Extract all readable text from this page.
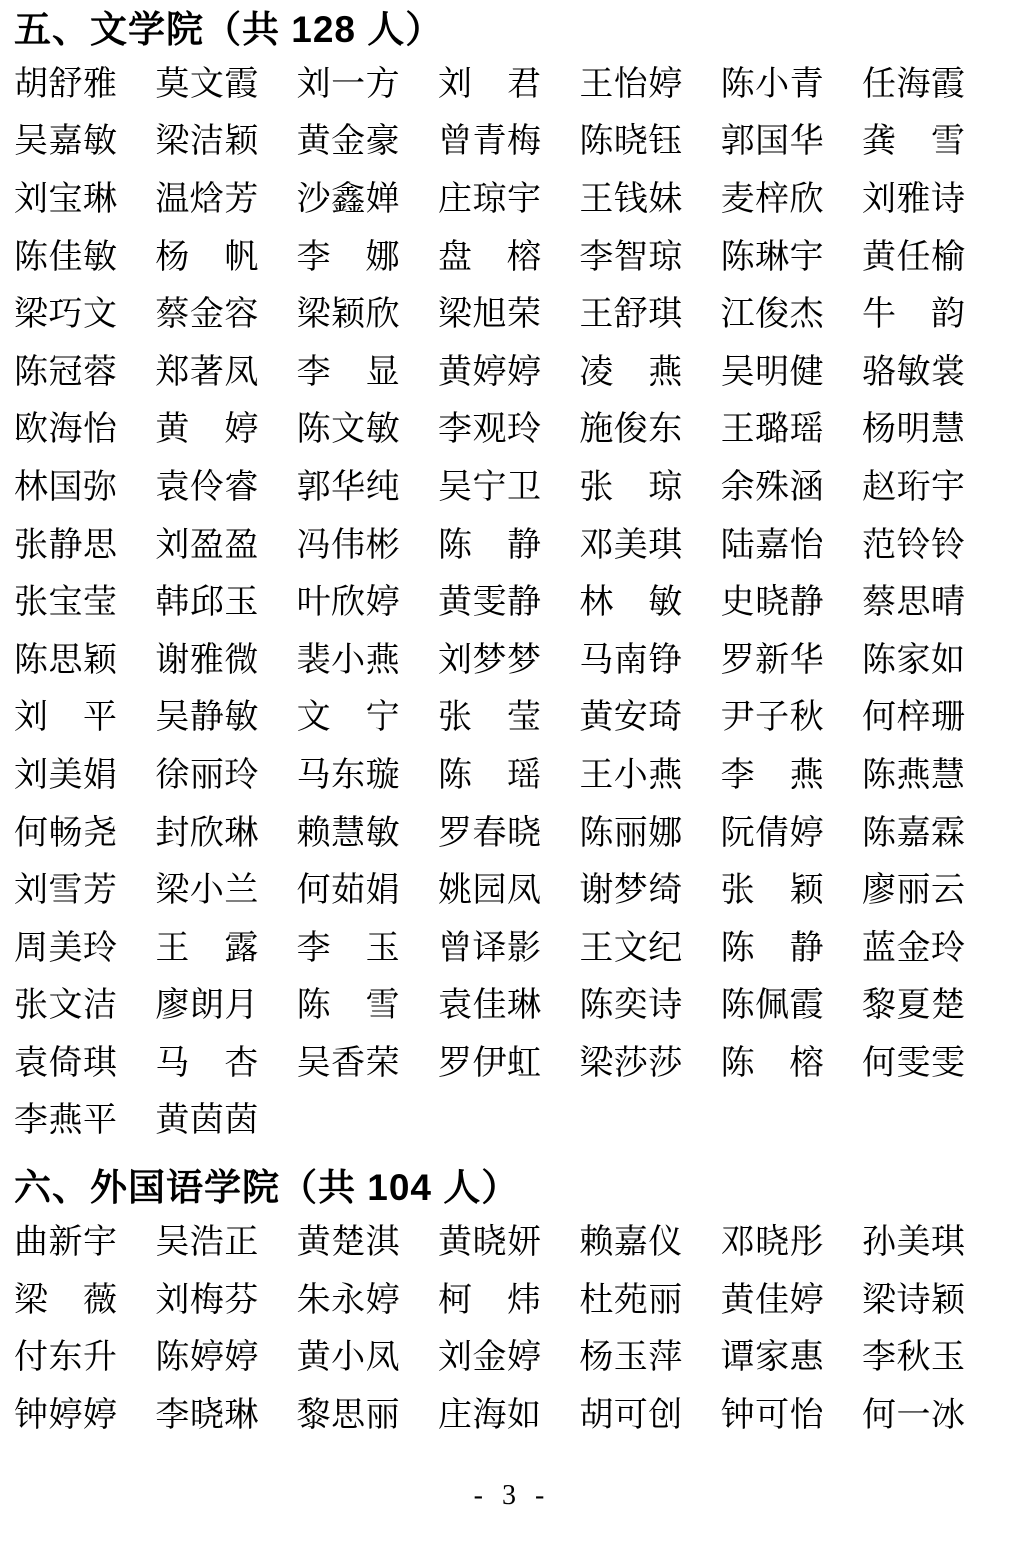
五、文学院（共 128 人）
胡舒雅 莫文霞 刘一方 刘　君 王怡婷 陈小青 任海霞
吴嘉敏 梁洁颖 黄金豪 曾青梅 陈晓钰 郭国华 龚　雪
刘宝琳 温焓芳 沙鑫婵 庄琼宇 王钱妹 麦梓欣 刘雅诗
陈佳敏 杨　帆 李　娜 盘　榕 李智琼 陈琳宇 黄任榆
梁巧文 蔡金容 梁颖欣 梁旭荣 王舒琪 江俊杰 牛　韵
陈冠蓉 郑著凤 李　显 黄婷婷 凌　燕 吴明健 骆敏裳
欧海怡 黄　婷 陈文敏 李观玲 施俊东 王璐瑶 杨明慧
林国弥 袁伶睿 郭华纯 吴宁卫 张　琼 余殊涵 赵珩宇
张静思 刘盈盈 冯伟彬 陈　静 邓美琪 陆嘉怡 范铃铃
张宝莹 韩邱玉 叶欣婷 黄雯静 林　敏 史晓静 蔡思晴
陈思颖 谢雅微 裴小燕 刘梦梦 马南铮 罗新华 陈家如
刘　平 吴静敏 文　宁 张　莹 黄安琦 尹子秋 何梓珊
刘美娟 徐丽玲 马东璇 陈　瑶 王小燕 李　燕 陈燕慧
何畅尧 封欣琳 赖慧敏 罗春晓 陈丽娜 阮倩婷 陈嘉霖
刘雪芳 梁小兰 何茹娟 姚园凤 谢梦绮 张　颖 廖丽云
周美玲 王　露 李　玉 曾译影 王文纪 陈　静 蓝金玲
张文洁 廖朗月 陈　雪 袁佳琳 陈奕诗 陈佩霞 黎夏楚
袁倚琪 马　杏 吴香荣 罗伊虹 梁莎莎 陈　榕 何雯雯
李燕平 黄茵茵
六、外国语学院（共 104 人）
曲新宇 吴浩正 黄楚淇 黄晓妍 赖嘉仪 邓晓彤 孙美琪
梁　薇 刘梅芬 朱永婷 柯　炜 杜苑丽 黄佳婷 梁诗颖
付东升 陈婷婷 黄小凤 刘金婷 杨玉萍 谭家惠 李秋玉
钟婷婷 李晓琳 黎思丽 庄海如 胡可创 钟可怡 何一冰
- 3 -
